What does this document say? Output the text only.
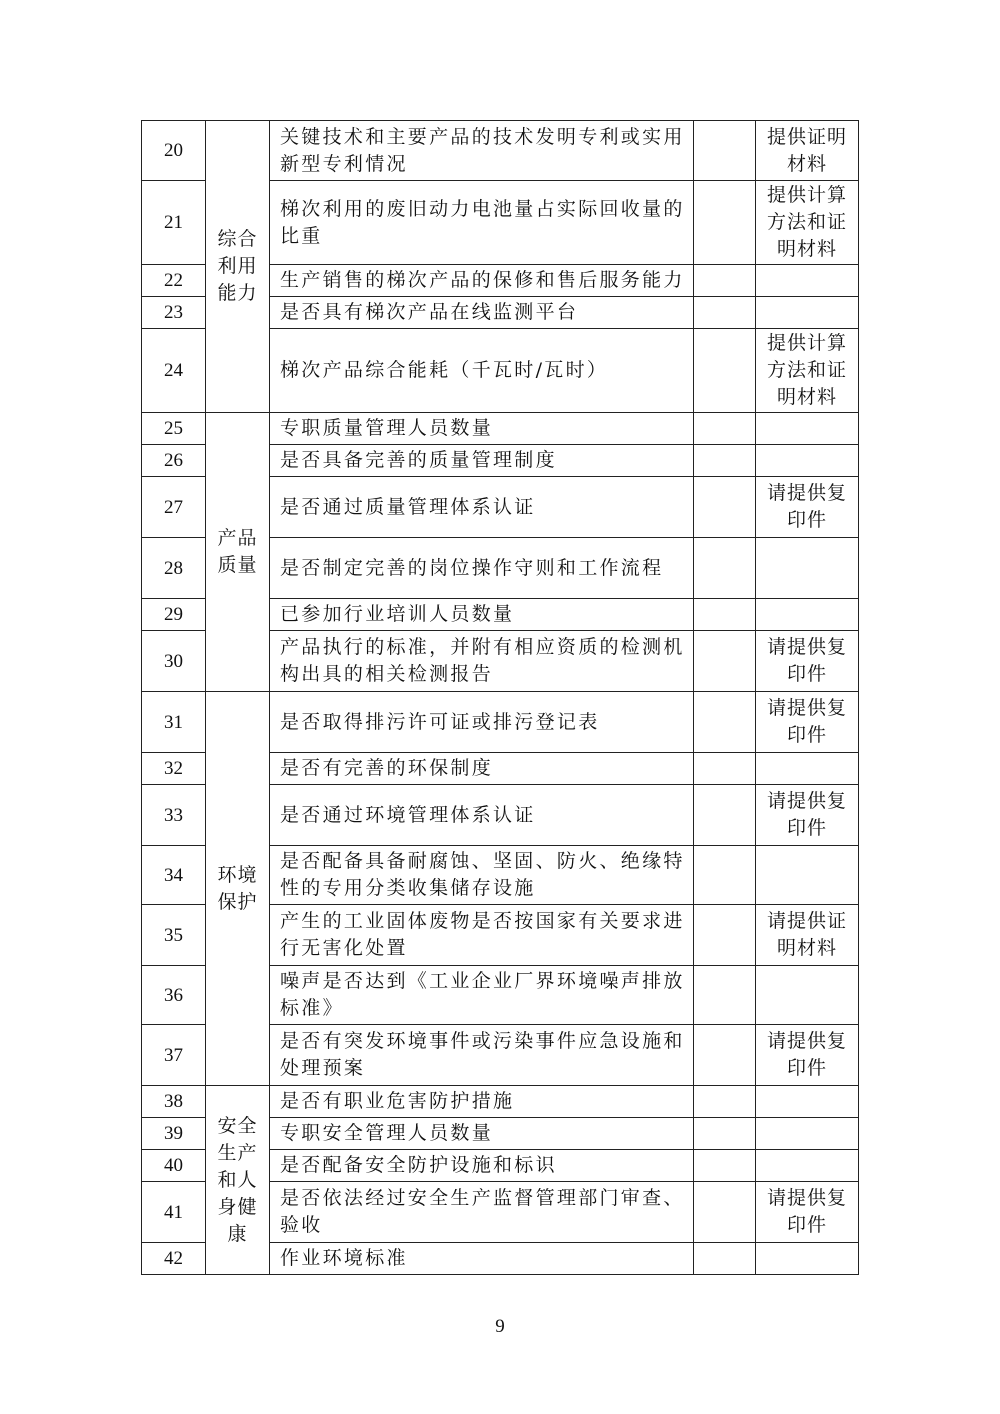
20	综合利用能力	关键技术和主要产品的技术发明专利或实用新型专利情况		提供证明材料
21		梯次利用的废旧动力电池量占实际回收量的比重		提供计算方法和证明材料
22		生产销售的梯次产品的保修和售后服务能力		
23		是否具有梯次产品在线监测平台		
24		梯次产品综合能耗（千瓦时/瓦时）		提供计算方法和证明材料
25	产品质量	专职质量管理人员数量		
26		是否具备完善的质量管理制度		
27		是否通过质量管理体系认证		请提供复印件
28		是否制定完善的岗位操作守则和工作流程		
29		已参加行业培训人员数量		
30		产品执行的标准，并附有相应资质的检测机构出具的相关检测报告		请提供复印件
31	环境保护	是否取得排污许可证或排污登记表		请提供复印件
32		是否有完善的环保制度		
33		是否通过环境管理体系认证		请提供复印件
34		是否配备具备耐腐蚀、坚固、防火、绝缘特性的专用分类收集储存设施		
35		产生的工业固体废物是否按国家有关要求进行无害化处置		请提供证明材料
36		噪声是否达到《工业企业厂界环境噪声排放标准》		
37		是否有突发环境事件或污染事件应急设施和处理预案		请提供复印件
38	安全生产和人身健康	是否有职业危害防护措施		
39		专职安全管理人员数量		
40		是否配备安全防护设施和标识		
41		是否依法经过安全生产监督管理部门审查、验收		请提供复印件
42		作业环境标准		
9
